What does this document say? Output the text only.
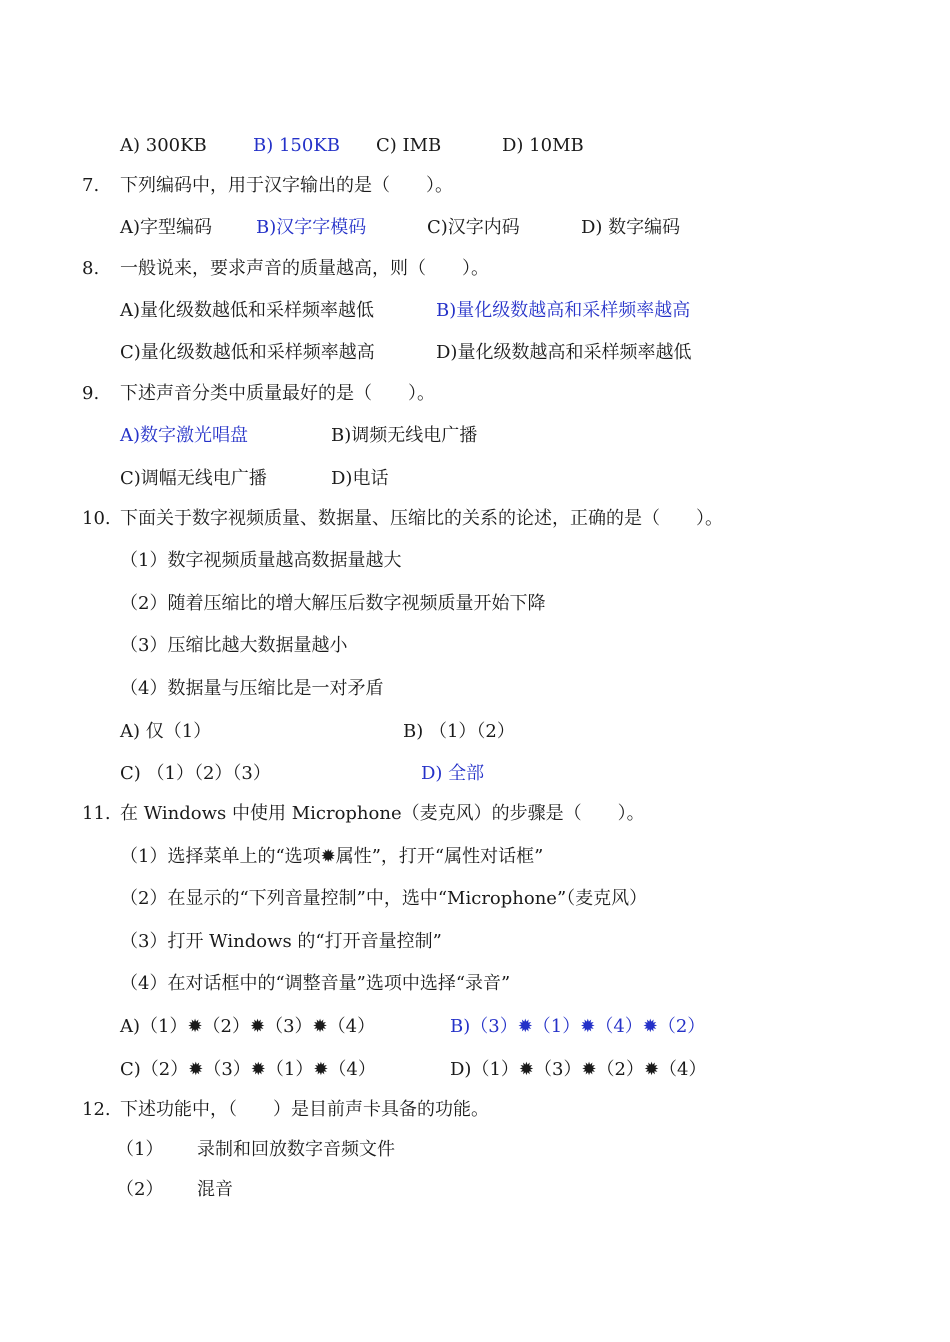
A) 300KB	B) 150KB C) IMB	D) 10MB
7. 下列编码中，用于汉字输出的是（　　）。
A)字型编码 B)汉字字模码	C)汉字内码	D) 数字编码
8. 一般说来，要求声音的质量越高，则（　　）。
A)量化级数越低和采样频率越低	B)量化级数越高和采样频率越高
C)量化级数越低和采样频率越高	D)量化级数越高和采样频率越低
9. 下述声音分类中质量最好的是（　　）。
A)数字激光唱盘	B)调频无线电广播
C)调幅无线电广播	D)电话
10. 下面关于数字视频质量、数据量、压缩比的关系的论述，正确的是（　　）。
（1）数字视频质量越高数据量越大
（2）随着压缩比的增大解压后数字视频质量开始下降
（3）压缩比越大数据量越小
（4）数据量与压缩比是一对矛盾
A) 仅（1）	B) （1）（2）
C) （1）（2）（3）	D) 全部
11. 在 Windows 中使用 Microphone（麦克风）的步骤是（　　）。
（1）选择菜单上的“选项✹属性”，打开“属性对话框”
（2）在显示的“下列音量控制”中，选中“Microphone”（麦克风）
（3）打开 Windows 的“打开音量控制”
（4）在对话框中的“调整音量”选项中选择“录音”
A)（1）✹（2）✹（3）✹（4）	B)（3）✹（1）✹（4）✹（2）
C)（2）✹（3）✹（1）✹（4）	D)（1）✹（3）✹（2）✹（4）
12. 下述功能中，（　　）是目前声卡具备的功能。
（1） 录制和回放数字音频文件
（2） 混音
